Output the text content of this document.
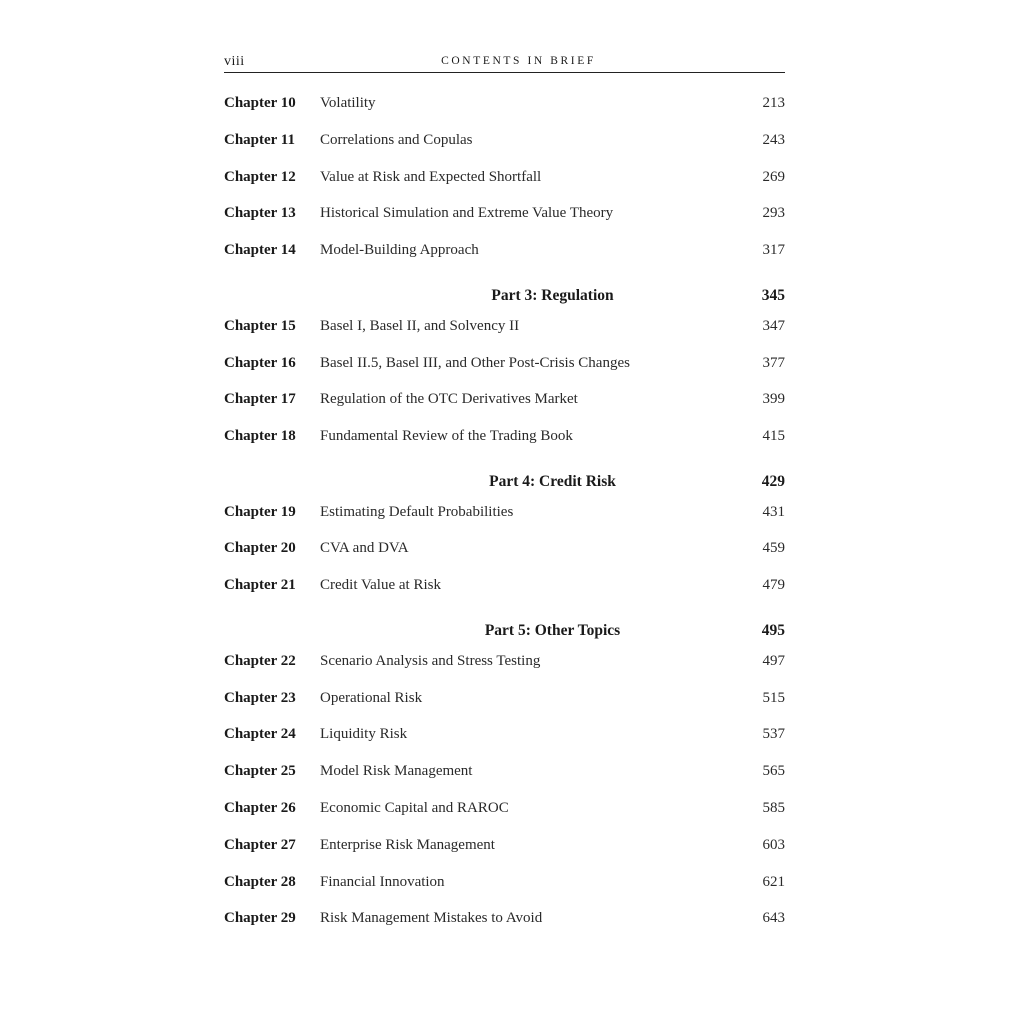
viii	CONTENTS IN BRIEF
Chapter 10 Volatility	213
Chapter 11 Correlations and Copulas	243
Chapter 12 Value at Risk and Expected Shortfall	269
Chapter 13 Historical Simulation and Extreme Value Theory	293
Chapter 14 Model-Building Approach	317
Part 3: Regulation	345
Chapter 15 Basel I, Basel II, and Solvency II	347
Chapter 16 Basel II.5, Basel III, and Other Post-Crisis Changes	377
Chapter 17 Regulation of the OTC Derivatives Market	399
Chapter 18 Fundamental Review of the Trading Book	415
Part 4: Credit Risk	429
Chapter 19 Estimating Default Probabilities	431
Chapter 20 CVA and DVA	459
Chapter 21 Credit Value at Risk	479
Part 5: Other Topics	495
Chapter 22 Scenario Analysis and Stress Testing	497
Chapter 23 Operational Risk	515
Chapter 24 Liquidity Risk	537
Chapter 25 Model Risk Management	565
Chapter 26 Economic Capital and RAROC	585
Chapter 27 Enterprise Risk Management	603
Chapter 28 Financial Innovation	621
Chapter 29 Risk Management Mistakes to Avoid	643
